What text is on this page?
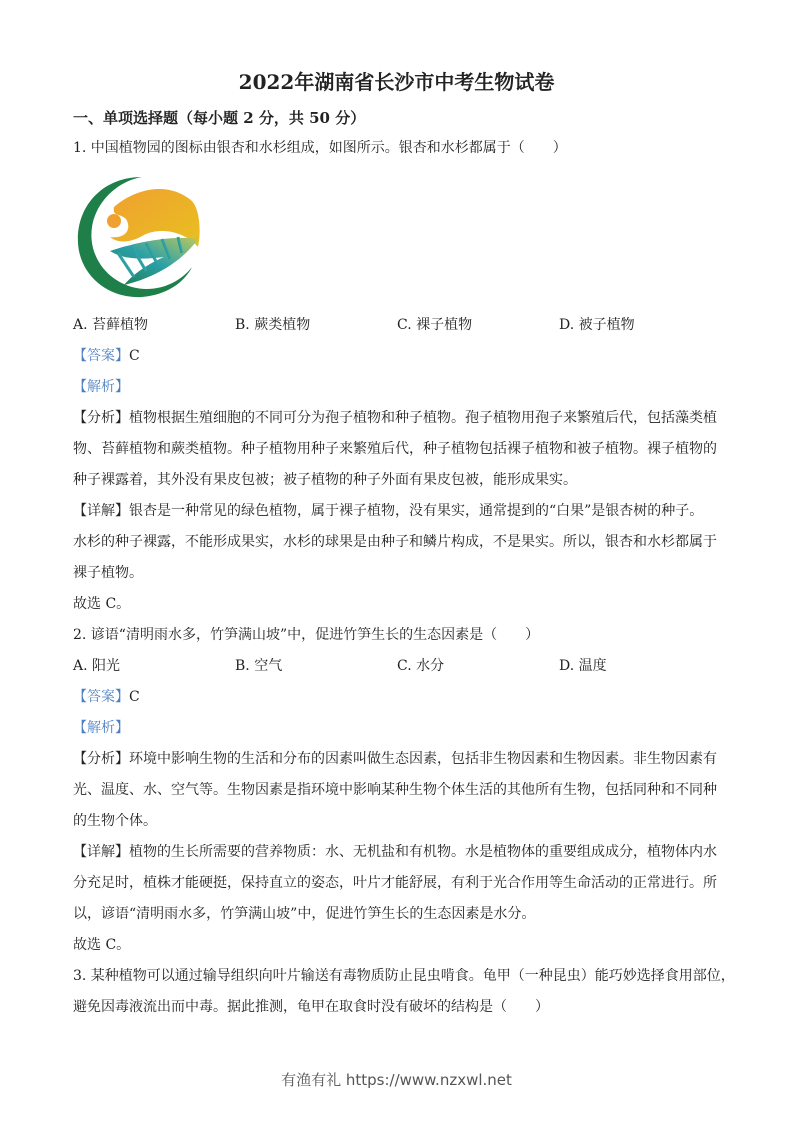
2022年湖南省长沙市中考生物试卷
一、单项选择题（每小题 2 分，共 50 分）
1. 中国植物园的图标由银杏和水杉组成，如图所示。银杏和水杉都属于（　　）
A. 苔藓植物	B. 蕨类植物	C. 裸子植物	D. 被子植物
【答案】C
【解析】
【分析】植物根据生殖细胞的不同可分为孢子植物和种子植物。孢子植物用孢子来繁殖后代，包括藻类植
物、苔藓植物和蕨类植物。种子植物用种子来繁殖后代，种子植物包括裸子植物和被子植物。裸子植物的
种子裸露着，其外没有果皮包被；被子植物的种子外面有果皮包被，能形成果实。
【详解】银杏是一种常见的绿色植物，属于裸子植物，没有果实，通常提到的“白果”是银杏树的种子。
水杉的种子裸露，不能形成果实，水杉的球果是由种子和鳞片构成，不是果实。所以，银杏和水杉都属于
裸子植物。
故选 C。
2. 谚语“清明雨水多，竹笋满山坡”中，促进竹笋生长的生态因素是（　　）
A. 阳光	B. 空气	C. 水分	D. 温度
【答案】C
【解析】
【分析】环境中影响生物的生活和分布的因素叫做生态因素，包括非生物因素和生物因素。非生物因素有
光、温度、水、空气等。生物因素是指环境中影响某种生物个体生活的其他所有生物，包括同种和不同种
的生物个体。
【详解】植物的生长所需要的营养物质：水、无机盐和有机物。水是植物体的重要组成成分，植物体内水
分充足时，植株才能硬挺，保持直立的姿态，叶片才能舒展，有利于光合作用等生命活动的正常进行。所
以，谚语“清明雨水多，竹笋满山坡”中，促进竹笋生长的生态因素是水分。
故选 C。
3. 某种植物可以通过输导组织向叶片输送有毒物质防止昆虫啃食。龟甲（一种昆虫）能巧妙选择食用部位，
避免因毒液流出而中毒。据此推测，龟甲在取食时没有破坏的结构是（　　）
有渔有礼 https://www.nzxwl.net
